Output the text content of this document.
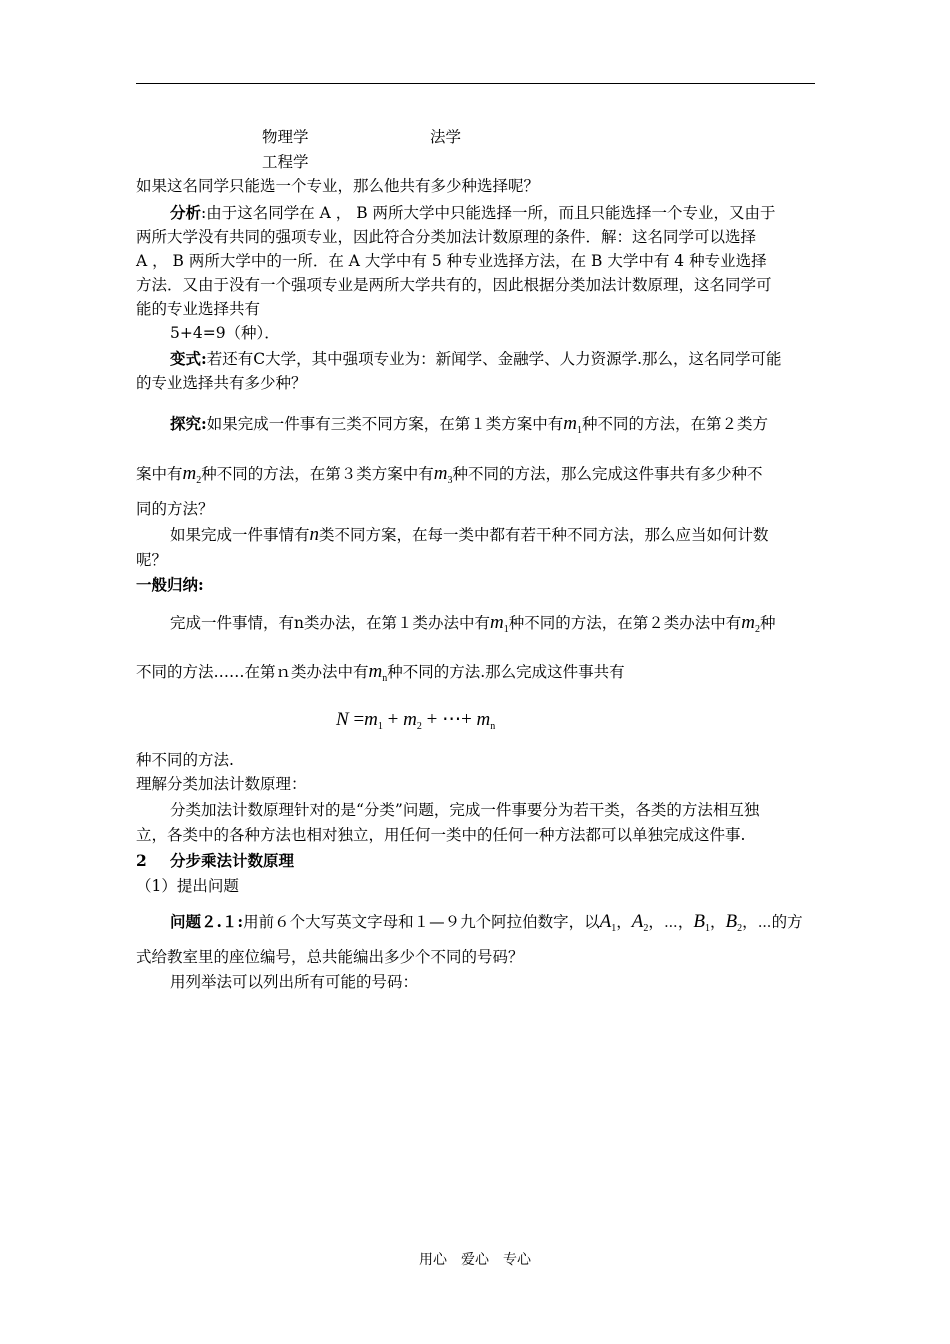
物理学	法学
工程学
如果这名同学只能选一个专业，那么他共有多少种选择呢？
分析:由于这名同学在 A ， B 两所大学中只能选择一所，而且只能选择一个专业，又由于
两所大学没有共同的强项专业，因此符合分类加法计数原理的条件．解：这名同学可以选择
A ， B 两所大学中的一所．在 A 大学中有 5 种专业选择方法，在 B 大学中有 4 种专业选择
方法．又由于没有一个强项专业是两所大学共有的，因此根据分类加法计数原理，这名同学可
能的专业选择共有
5+4=9（种）．
变式:若还有C大学，其中强项专业为：新闻学、金融学、人力资源学.那么，这名同学可能
的专业选择共有多少种？
探究:如果完成一件事有三类不同方案，在第１类方案中有$m_1$种不同的方法，在第２类方
案中有$m_2$种不同的方法，在第３类方案中有$m_3$种不同的方法，那么完成这件事共有多少种不
同的方法？
如果完成一件事情有n类不同方案，在每一类中都有若干种不同方法，那么应当如何计数
呢？
一般归纳:
完成一件事情，有n类办法，在第１类办法中有$m_1$种不同的方法，在第２类办法中有$m_2$种
不同的方法……在第ｎ类办法中有$m_n$种不同的方法.那么完成这件事共有
$N =m_1 + m_2$ + ⋯+ $m_n$
种不同的方法.
理解分类加法计数原理：
分类加法计数原理针对的是“分类”问题，完成一件事要分为若干类，各类的方法相互独
立，各类中的各种方法也相对独立，用任何一类中的任何一种方法都可以单独完成这件事.
2 分步乘法计数原理
（1）提出问题
问题２.１:用前６个大写英文字母和１—９九个阿拉伯数字，以$A_1$，$A_2$，⋯，$B_1$，$B_2$，⋯的方
式给教室里的座位编号，总共能编出多少个不同的号码？
用列举法可以列出所有可能的号码：
用心　爱心　专心
